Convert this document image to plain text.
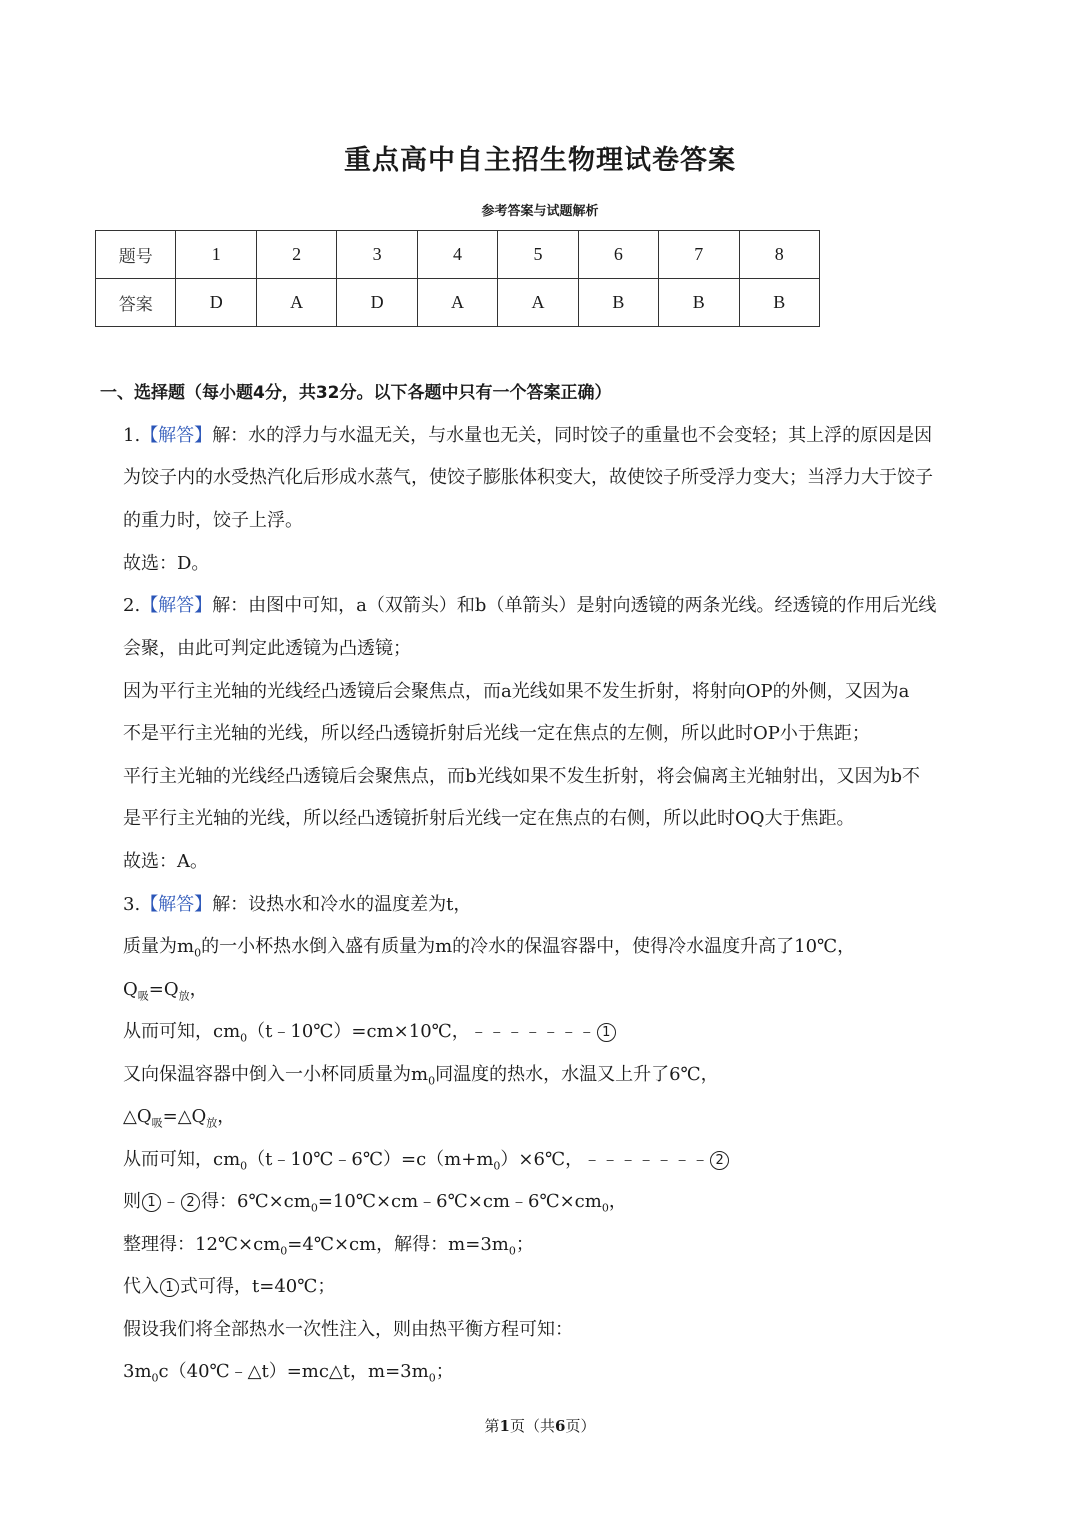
重点高中自主招生物理试卷答案
参考答案与试题解析
题号	1	2	3	4	5	6	7	8
答案	D	A	D	A	A	B	B	B
一、选择题（每小题4分，共32分。以下各题中只有一个答案正确）
1.【解答】解：水的浮力与水温无关，与水量也无关，同时饺子的重量也不会变轻；其上浮的原因是因
为饺子内的水受热汽化后形成水蒸气，使饺子膨胀体积变大，故使饺子所受浮力变大；当浮力大于饺子
的重力时，饺子上浮。
故选：D。
2.【解答】解：由图中可知，a（双箭头）和b（单箭头）是射向透镜的两条光线。经透镜的作用后光线
会聚，由此可判定此透镜为凸透镜；
因为平行主光轴的光线经凸透镜后会聚焦点，而a光线如果不发生折射，将射向OP的外侧，又因为a
不是平行主光轴的光线，所以经凸透镜折射后光线一定在焦点的左侧，所以此时OP小于焦距；
平行主光轴的光线经凸透镜后会聚焦点，而b光线如果不发生折射，将会偏离主光轴射出，又因为b不
是平行主光轴的光线，所以经凸透镜折射后光线一定在焦点的右侧，所以此时OQ大于焦距。
故选：A。
3.【解答】解：设热水和冷水的温度差为t，
质量为$m_0$的一小杯热水倒入盛有质量为m的冷水的保温容器中，使得冷水温度升高了10℃，
$Q_吸=Q_放$，
从而可知，$cm_0(t﹣10℃)=cm\times 10℃$，﹣﹣﹣﹣﹣﹣﹣ 1
又向保温容器中倒入一小杯同质量为$m_0$同温度的热水，水温又上升了6℃，
$\triangle Q_吸=\triangle Q_放$，
从而可知，$cm_0(t﹣10℃﹣6℃)=c(m+m_0)\times 6℃$，﹣﹣﹣﹣﹣﹣﹣ 2
则 1 ﹣ 2 得：$6℃\times cm_0=10℃\times cm﹣6℃\times cm﹣6℃\times cm_0$，
整理得：$12℃\times cm_0=4℃\times cm$，解得：$m=3m_0$；
代入 1 式可得，t=40℃；
假设我们将全部热水一次性注入，则由热平衡方程可知：
$3m_0c(40℃﹣\triangle t)=mc\triangle t$，$m=3m_0$；
第1页（共6页）
